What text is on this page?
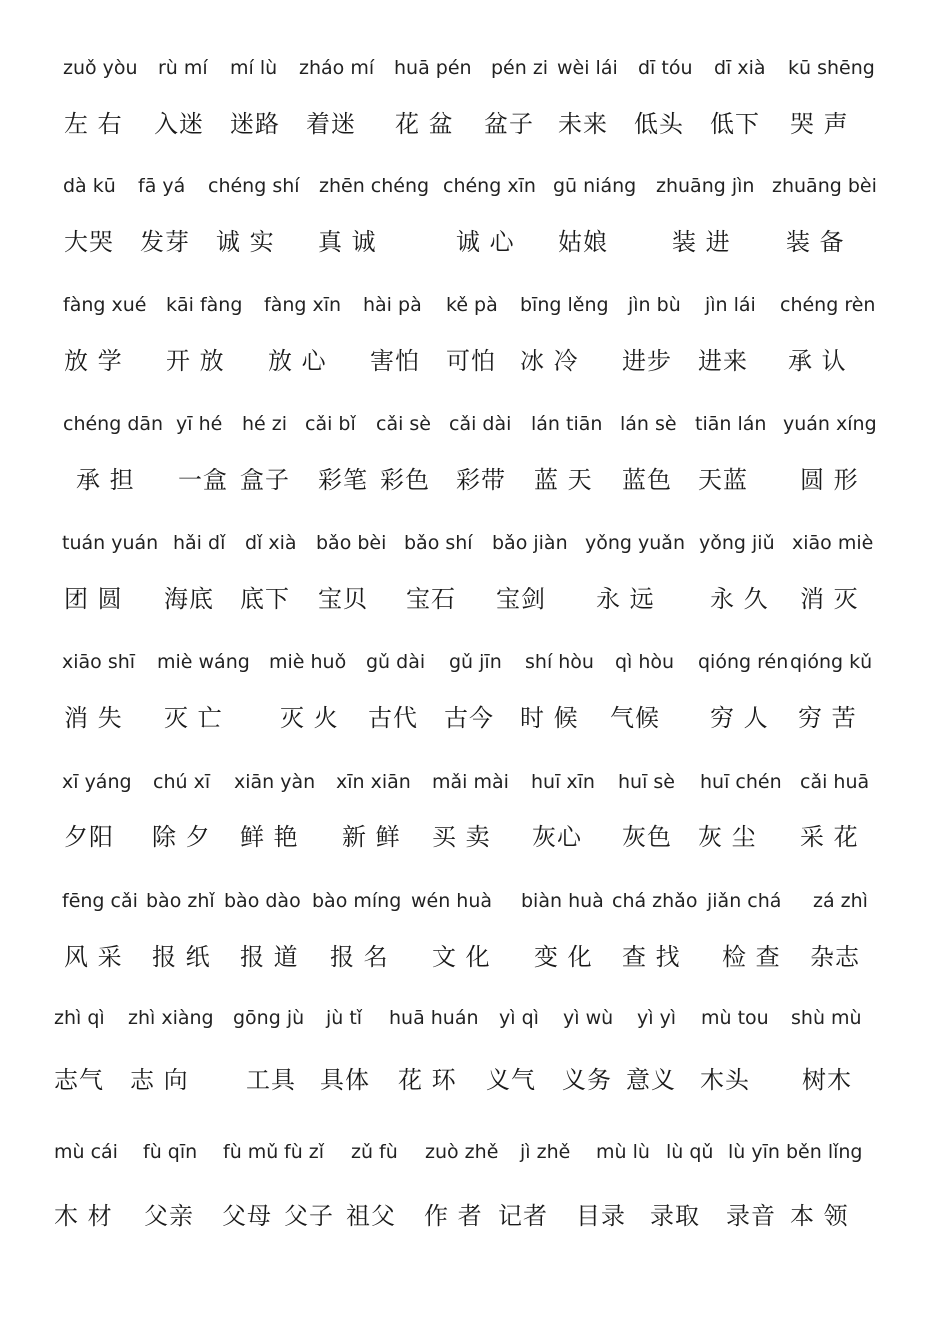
zuǒ yòu rù mí mí lù zháo mí huā pén pén zi wèi lái dī tóu dī xià kū shēng
左 右 入迷 迷路 着迷 花 盆 盆子 未来 低头 低下 哭 声
dà kū fā yá chéng shí zhēn chéng chéng xīn gū niáng zhuāng jìn zhuāng bèi
大哭 发芽 诚 实 真 诚	诚 心 姑娘	装 进 装 备
fàng xué kāi fàng fàng xīn hài pà kě pà bīng lěng jìn bù jìn lái chéng rèn
放 学 开 放 放 心 害怕 可怕 冰 冷 进步 进来 承 认
chéng dān yī hé hé zi cǎi bǐ cǎi sè cǎi dài lán tiān lán sè tiān lán yuán xíng
承 担 一盒 盒子 彩笔 彩色 彩带 蓝 天 蓝色 天蓝 圆 形
tuán yuán hǎi dǐ dǐ xià bǎo bèi bǎo shí bǎo jiàn yǒng yuǎn yǒng jiǔ xiāo miè
团 圆 海底 底下 宝贝 宝石 宝剑 永 远 永 久 消 灭
xiāo shī miè wáng miè huǒ gǔ dài gǔ jīn shí hòu qì hòu qióng rén qióng kǔ
消 失 灭 亡 灭 火 古代 古今 时 候 气候 穷 人 穷 苦
xī yáng chú xī xiān yàn xīn xiān mǎi mài huī xīn huī sè huī chén cǎi huā
夕阳 除 夕 鲜 艳 新 鲜 买 卖 灰心 灰色 灰 尘 采 花
fēng cǎi bào zhǐ bào dào bào míng wén huà biàn huà chá zhǎo jiǎn chá zá zhì
风 采 报 纸 报 道 报 名 文 化 变 化 查 找 检 查 杂志
zhì qì zhì xiàng gōng jù jù tǐ huā huán yì qì yì wù yì yì mù tou shù mù
志气 志 向 工具 具体 花 环 义气 义务 意义 木头 树木
mù cái fù qīn fù mǔ fù zǐ zǔ fù zuò zhě jì zhě mù lù lù qǔ lù yīn běn lǐng
木 材 父亲 父母 父子 祖父 作 者 记者 目录 录取 录音 本 领
